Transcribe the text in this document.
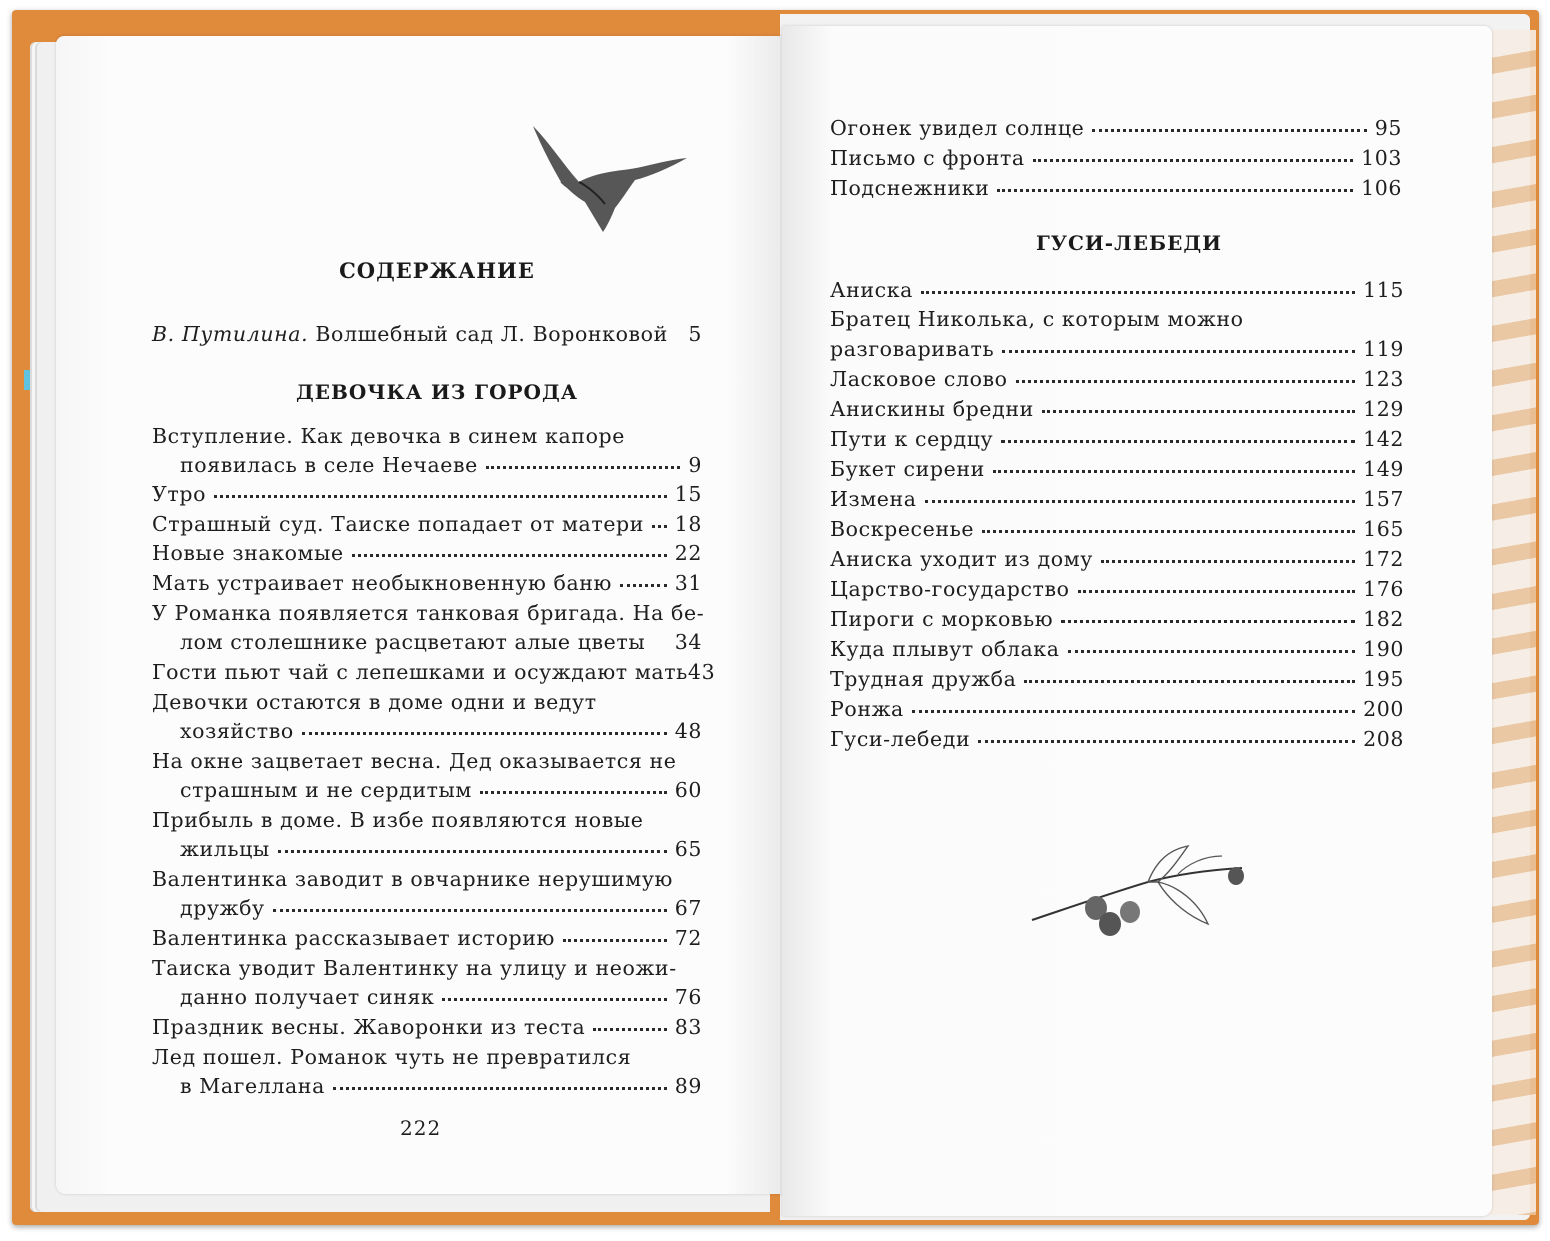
СОДЕРЖАНИЕ
В. Путилина. Волшебный сад Л. Воронковой 5
ДЕВОЧКА ИЗ ГОРОДА
Вступление. Как девочка в синем капоре
появилась в селе Нечаеве	9
Утро	15
Страшный суд. Таиске попадает от матери 18
Новые знакомые	22
Мать устраивает необыкновенную баню	31
У Романка появляется танковая бригада. На бе-
лом столешнике расцветают алые цветы 34
Гости пьют чай с лепешками и осуждают мать 43
Девочки остаются в доме одни и ведут
хозяйство	48
На окне зацветает весна. Дед оказывается не
страшным и не сердитым	60
Прибыль в доме. В избе появляются новые
жильцы	65
Валентинка заводит в овчарнике нерушимую
дружбу	67
Валентинка рассказывает историю	72
Таиска уводит Валентинку на улицу и неожи-
данно получает синяк	76
Праздник весны. Жаворонки из теста	83
Лед пошел. Романок чуть не превратился
в Магеллана	89
222
Огонек увидел солнце	95
Письмо с фронта	103
Подснежники	106
ГУСИ-ЛЕБЕДИ
Аниска	115
Братец Николька, с которым можно
разговаривать	119
Ласковое слово	123
Анискины бредни	129
Пути к сердцу	142
Букет сирени	149
Измена	157
Воскресенье	165
Аниска уходит из дому	172
Царство-государство	176
Пироги с морковью	182
Куда плывут облака	190
Трудная дружба	195
Ронжа	200
Гуси-лебеди	208
